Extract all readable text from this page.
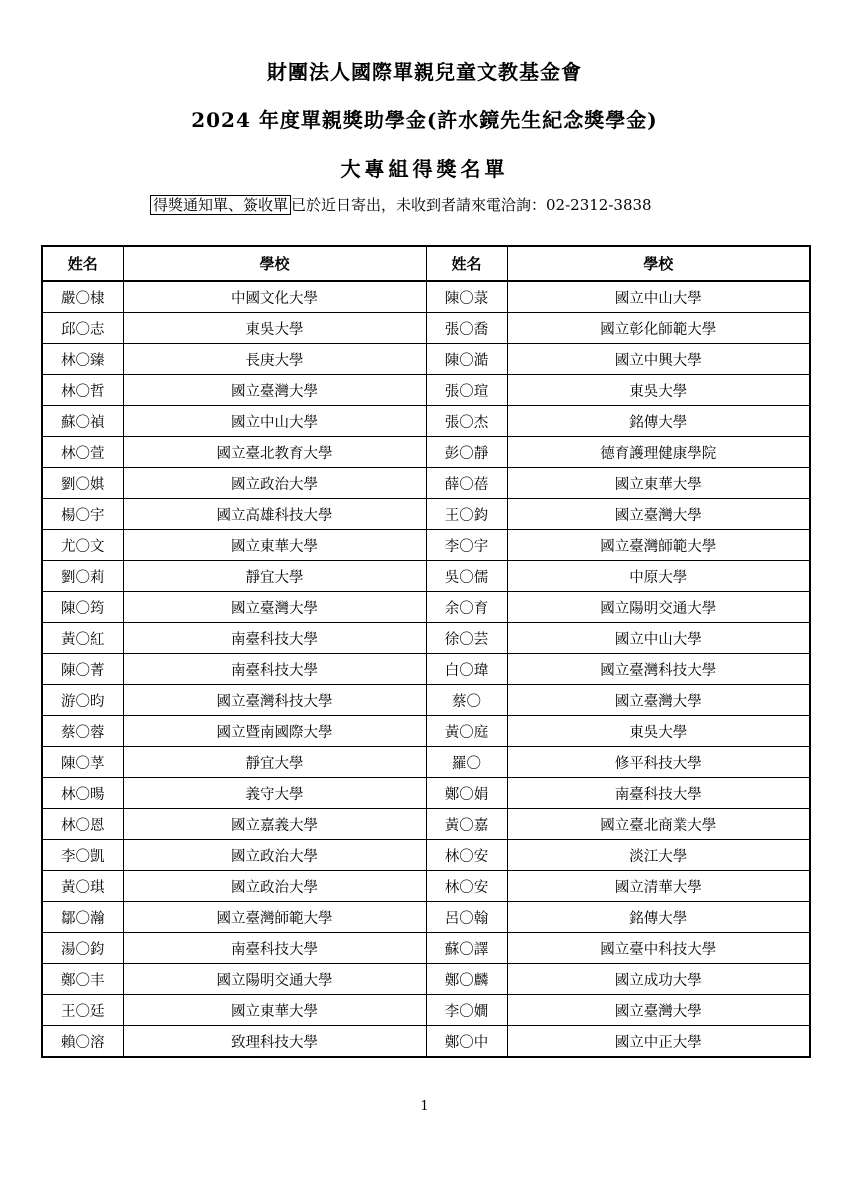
財團法人國際單親兒童文教基金會
2024 年度單親獎助學金(許水鏡先生紀念獎學金)
大專組得獎名單
得獎通知單、簽收單 已於近日寄出，未收到者請來電洽詢：02-2312-3838
姓名	學校	姓名	學校
嚴〇棣	中國文化大學	陳〇菉	國立中山大學
邱〇志	東吳大學	張〇喬	國立彰化師範大學
林〇臻	長庚大學	陳〇澔	國立中興大學
林〇哲	國立臺灣大學	張〇瑄	東吳大學
蘇〇禎	國立中山大學	張〇杰	銘傳大學
林〇萱	國立臺北教育大學	彭〇靜	德育護理健康學院
劉〇娸	國立政治大學	薛〇蓓	國立東華大學
楊〇宇	國立高雄科技大學	王〇鈞	國立臺灣大學
尤〇文	國立東華大學	李〇宇	國立臺灣師範大學
劉〇莉	靜宜大學	吳〇儒	中原大學
陳〇筠	國立臺灣大學	余〇育	國立陽明交通大學
黃〇紅	南臺科技大學	徐〇芸	國立中山大學
陳〇菁	南臺科技大學	白〇瑋	國立臺灣科技大學
游〇昀	國立臺灣科技大學	蔡〇	國立臺灣大學
蔡〇蓉	國立暨南國際大學	黃〇庭	東吳大學
陳〇莩	靜宜大學	羅〇	修平科技大學
林〇暘	義守大學	鄭〇娟	南臺科技大學
林〇恩	國立嘉義大學	黃〇嘉	國立臺北商業大學
李〇凱	國立政治大學	林〇安	淡江大學
黃〇琪	國立政治大學	林〇安	國立清華大學
鄒〇瀚	國立臺灣師範大學	呂〇翰	銘傳大學
湯〇鈞	南臺科技大學	蘇〇譯	國立臺中科技大學
鄭〇丰	國立陽明交通大學	鄭〇麟	國立成功大學
王〇廷	國立東華大學	李〇嫺	國立臺灣大學
賴〇溶	致理科技大學	鄭〇中	國立中正大學
1
